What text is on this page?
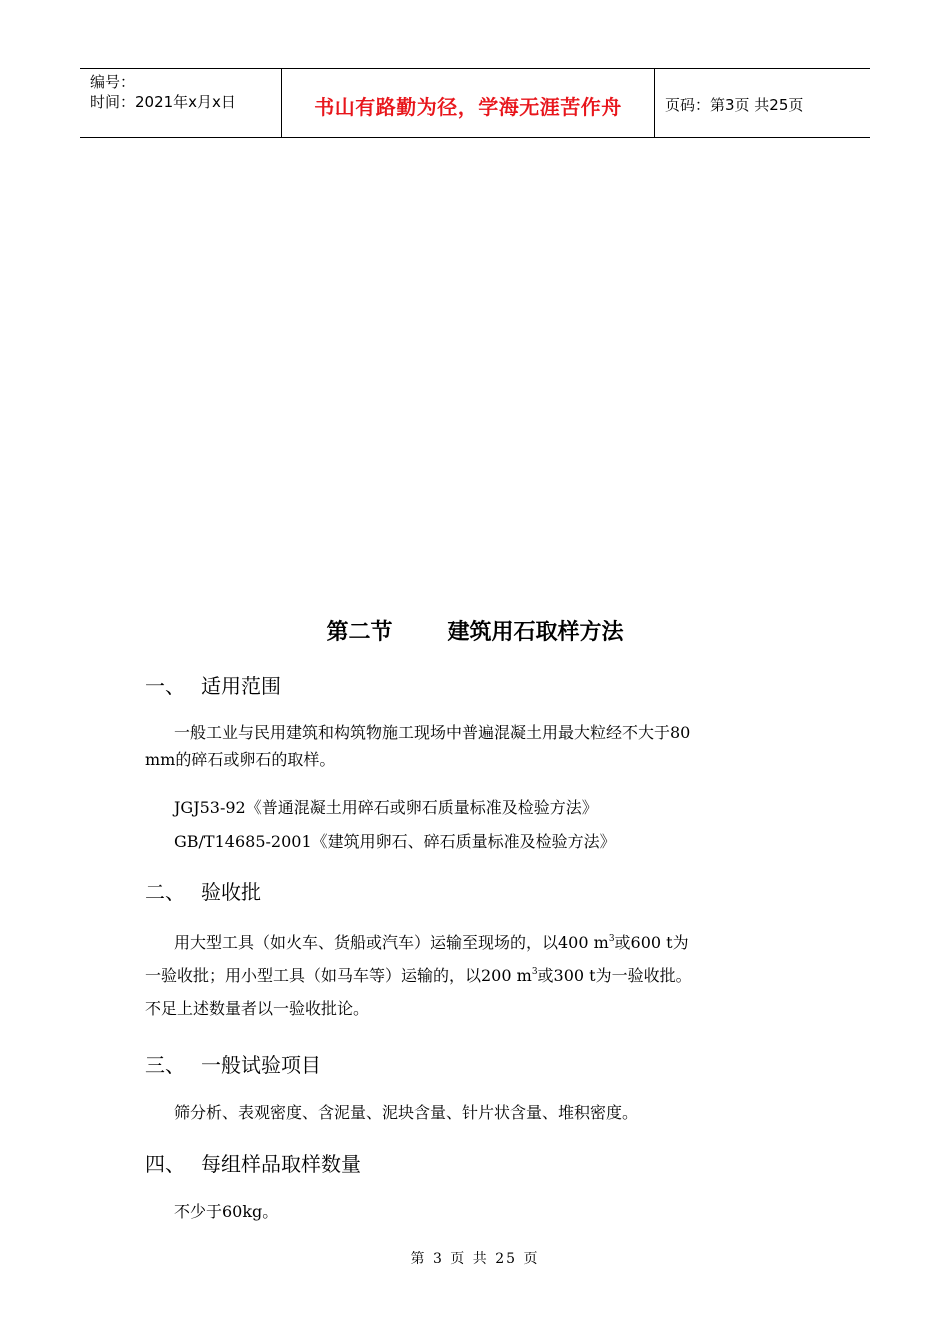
编号：
时间：2021年x月x日	书山有路勤为径，学海无涯苦作舟	页码：第3页 共25页
第二节	建筑用石取样方法
一、 适用范围
一般工业与民用建筑和构筑物施工现场中普遍混凝土用最大粒经不大于80
mm的碎石或卵石的取样。
JGJ53-92《普通混凝土用碎石或卵石质量标准及检验方法》
GB/T14685-2001《建筑用卵石、碎石质量标准及检验方法》
二、 验收批
用大型工具（如火车、货船或汽车）运输至现场的，以400 $m^3$或600 t为
一验收批；用小型工具（如马车等）运输的，以200 $m^3$或300 t为一验收批。
不足上述数量者以一验收批论。
三、 一般试验项目
筛分析、表观密度、含泥量、泥块含量、针片状含量、堆积密度。
四、 每组样品取样数量
不少于60kg。
第 3 页 共 25 页
